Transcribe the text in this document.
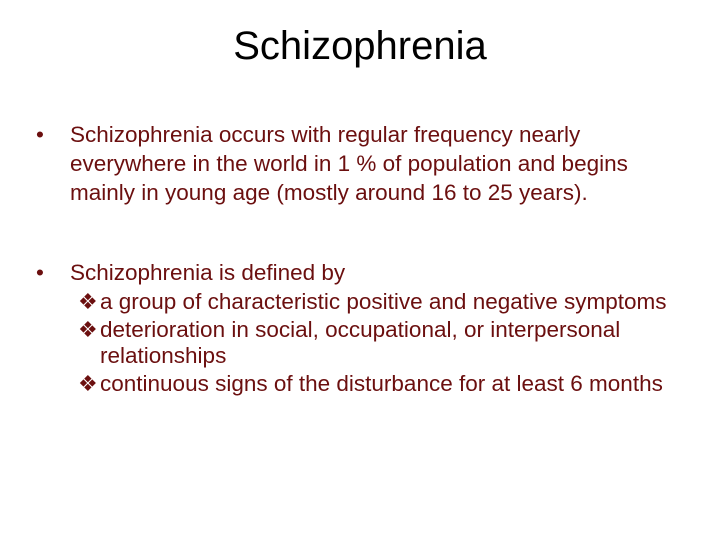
Schizophrenia
•	Schizophrenia occurs with regular frequency nearly everywhere in the world in 1 % of population and begins mainly in young age (mostly around 16 to 25 years).
•	Schizophrenia is defined by
❖ a group of characteristic positive and negative symptoms
❖ deterioration in social, occupational, or interpersonal relationships
❖ continuous signs of the disturbance for at least 6 months
